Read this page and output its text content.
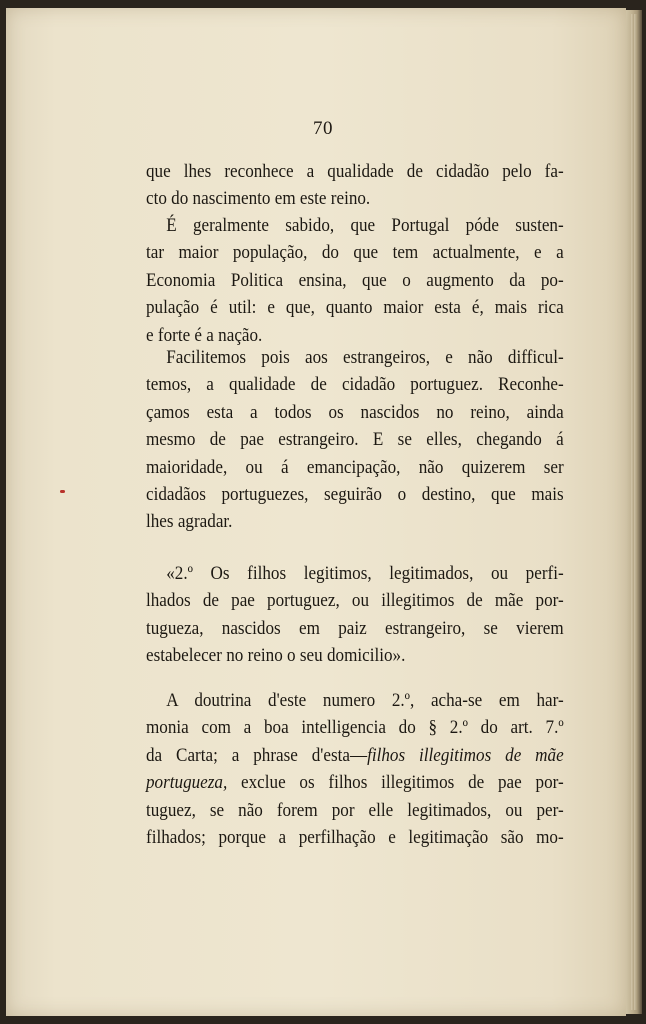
70
que lhes reconhece a qualidade de cidadão pelo fa-
cto do nascimento em este reino.
É geralmente sabido, que Portugal póde susten-
tar maior população, do que tem actualmente, e a
Economia Politica ensina, que o augmento da po-
pulação é util: e que, quanto maior esta é, mais rica
e forte é a nação.
Facilitemos pois aos estrangeiros, e não difficul-
temos, a qualidade de cidadão portuguez. Reconhe-
çamos esta a todos os nascidos no reino, ainda
mesmo de pae estrangeiro. E se elles, chegando á
maioridade, ou á emancipação, não quizerem ser
cidadãos portuguezes, seguirão o destino, que mais
lhes agradar.
«2.º Os filhos legitimos, legitimados, ou perfi-
lhados de pae portuguez, ou illegitimos de mãe por-
tugueza, nascidos em paiz estrangeiro, se vierem
estabelecer no reino o seu domicilio».
A doutrina d'este numero 2.º, acha-se em har-
monia com a boa intelligencia do § 2.º do art. 7.º
da Carta; a phrase d'esta—filhos illegitimos de mãe
portugueza, exclue os filhos illegitimos de pae por-
tuguez, se não forem por elle legitimados, ou per-
filhados; porque a perfilhação e legitimação são mo-
